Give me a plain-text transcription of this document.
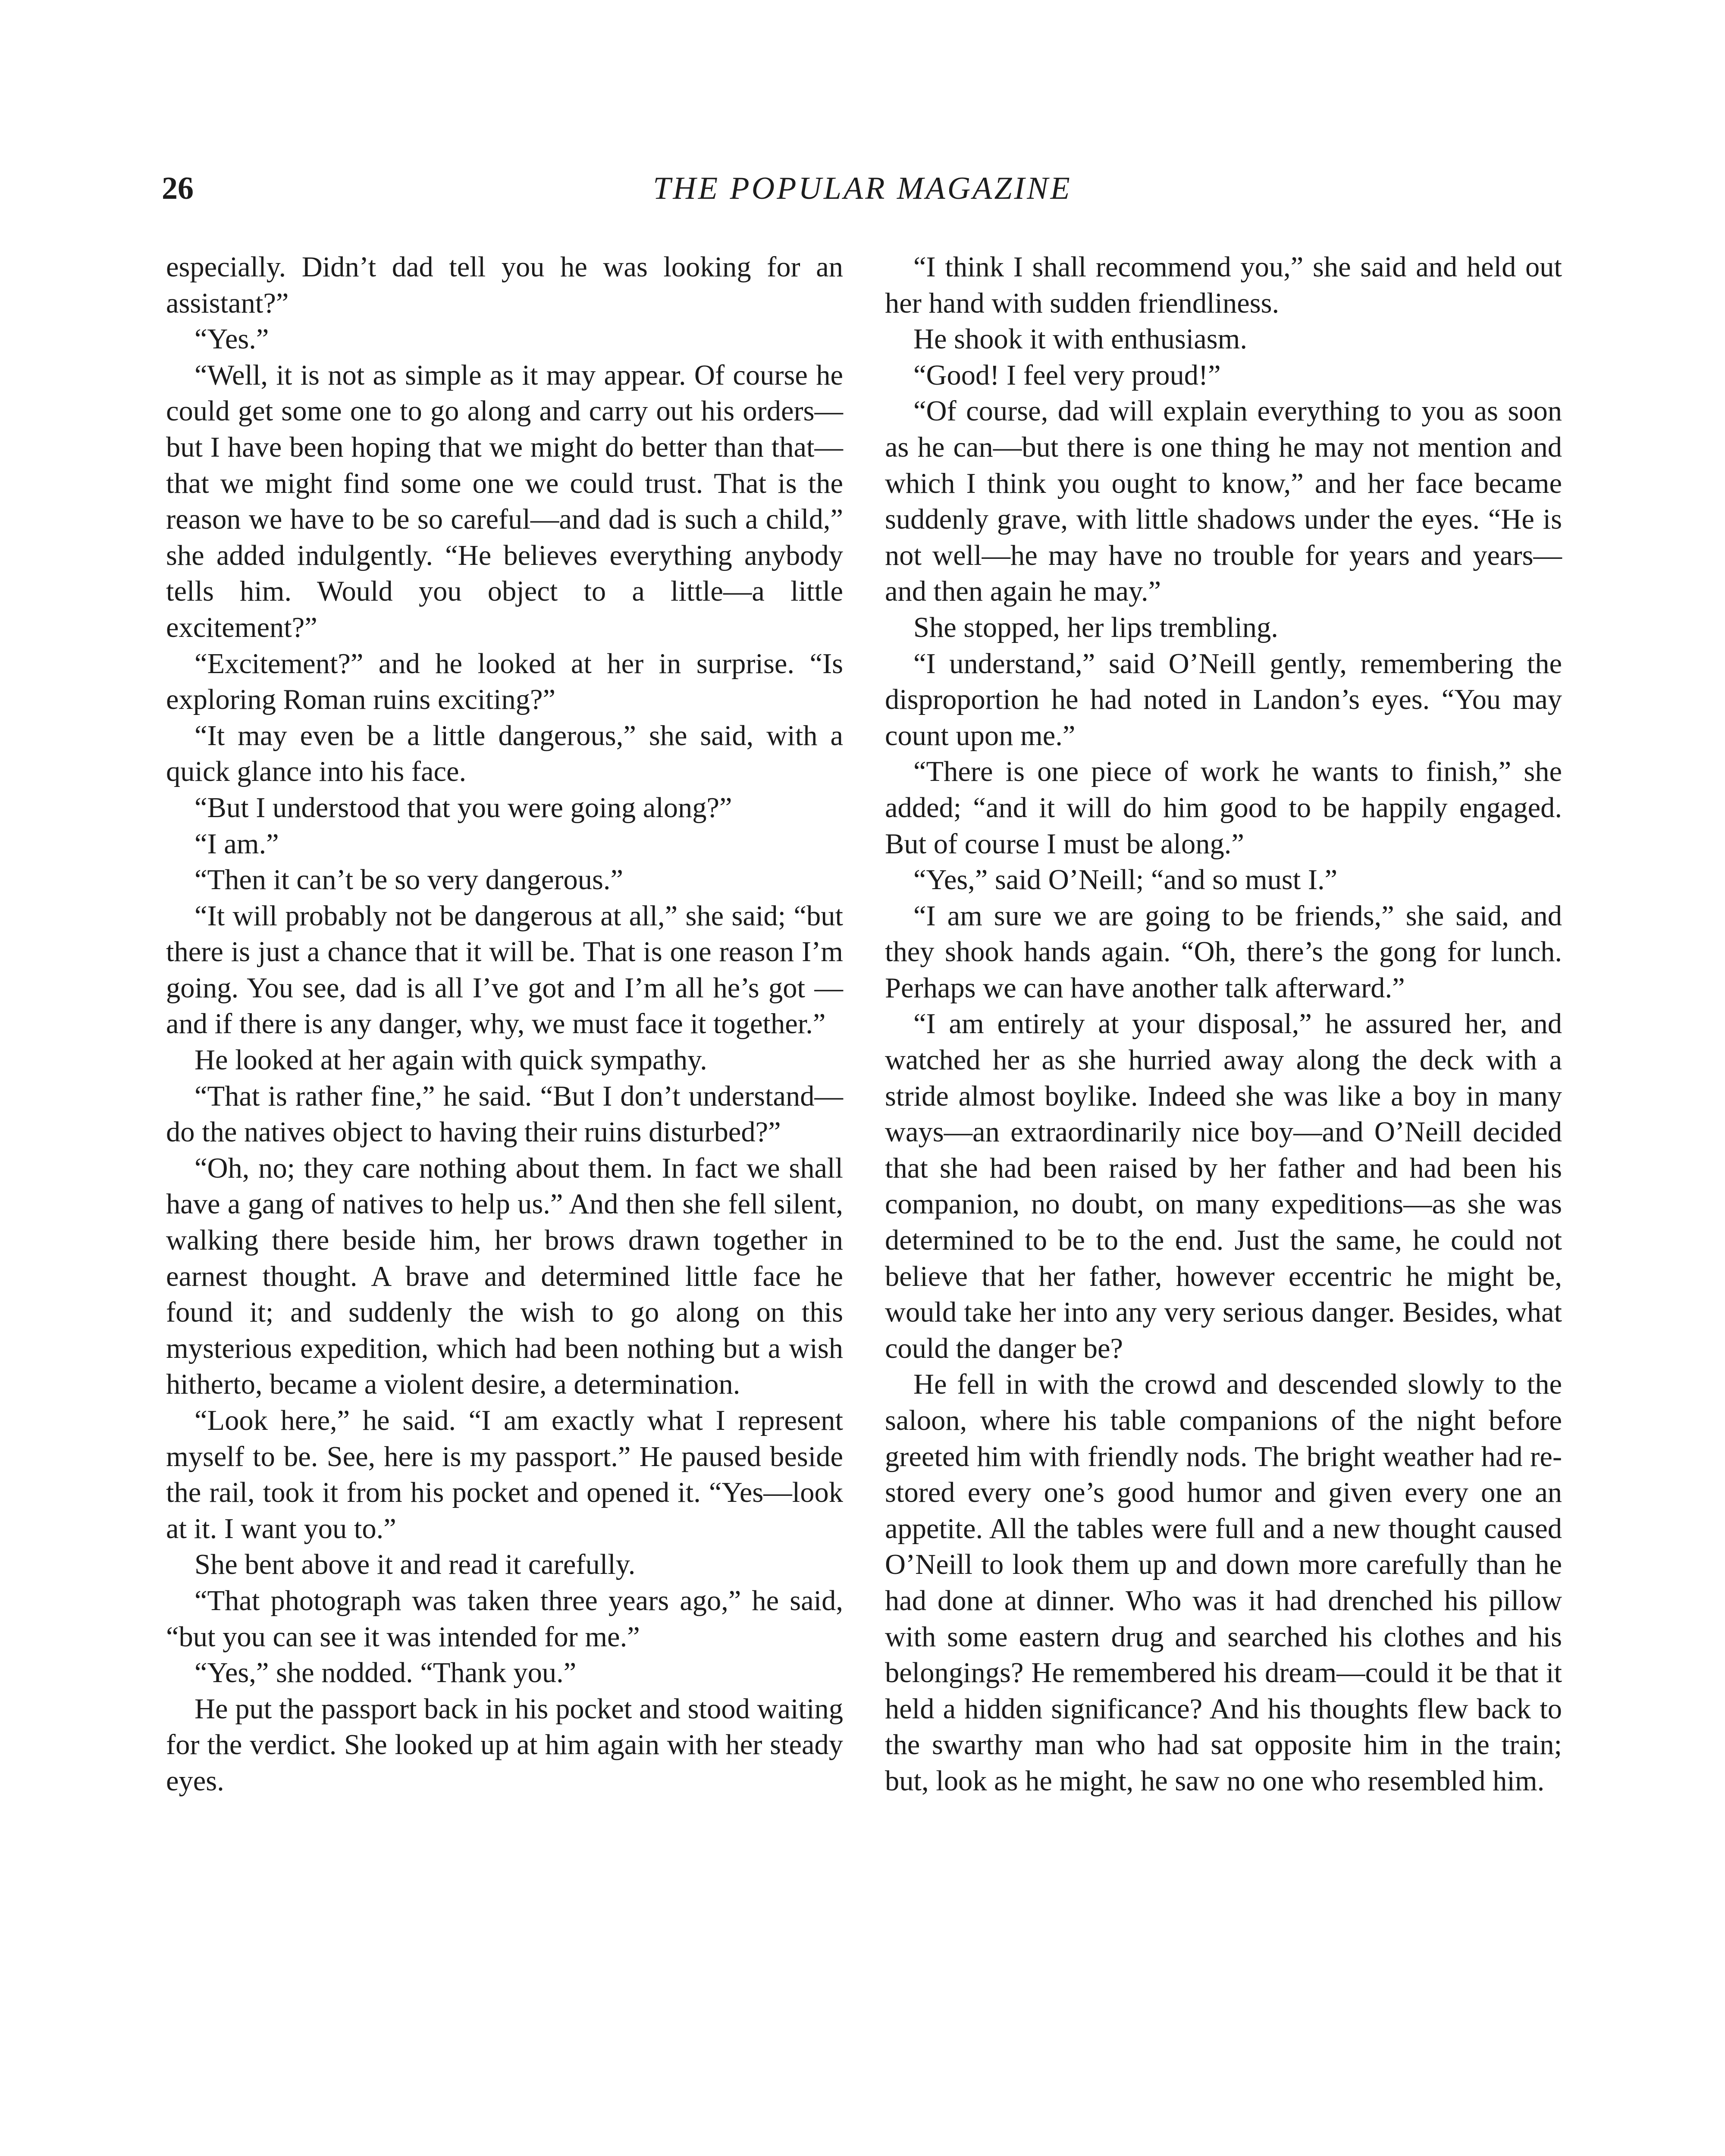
26	THE POPULAR MAGAZINE

especially. Didn’t dad tell you he was looking for an assistant?”

“Yes.”

“Well, it is not as simple as it may appear. Of course he could get some one to go along and carry out his orders—but I have been hoping that we might do better than that—that we might find some one we could trust. That is the reason we have to be so careful—and dad is such a child,” she added indulgently. “He believes everything anybody tells him. Would you object to a little—a little excitement?”

“Excitement?” and he looked at her in surprise. “Is exploring Roman ruins exciting?”

“It may even be a little dangerous,” she said, with a quick glance into his face.

“But I understood that you were going along?”

“I am.”

“Then it can’t be so very dangerous.”

“It will probably not be dangerous at all,” she said; “but there is just a chance that it will be. That is one reason I’m going. You see, dad is all I’ve got and I’m all he’s got —and if there is any danger, why, we must face it together.”

He looked at her again with quick sympathy.

“That is rather fine,” he said. “But I don’t understand—do the natives object to having their ruins disturbed?”

“Oh, no; they care nothing about them. In fact we shall have a gang of natives to help us.” And then she fell silent, walking there beside him, her brows drawn together in earnest thought. A brave and determined little face he found it; and suddenly the wish to go along on this mysterious expedition, which had been nothing but a wish hitherto, became a violent desire, a determination.

“Look here,” he said. “I am exactly what I represent myself to be. See, here is my passport.” He paused beside the rail, took it from his pocket and opened it. “Yes—look at it. I want you to.”

She bent above it and read it carefully.

“That photograph was taken three years ago,” he said, “but you can see it was intended for me.”

“Yes,” she nodded. “Thank you.”

He put the passport back in his pocket and stood waiting for the verdict. She looked up at him again with her steady eyes.

“I think I shall recommend you,” she said and held out her hand with sudden friendliness.

He shook it with enthusiasm.

“Good! I feel very proud!”

“Of course, dad will explain everything to you as soon as he can—but there is one thing he may not mention and which I think you ought to know,” and her face became suddenly grave, with little shadows under the eyes. “He is not well—he may have no trouble for years and years—and then again he may.”

She stopped, her lips trembling.

“I understand,” said O’Neill gently, remembering the disproportion he had noted in Landon’s eyes. “You may count upon me.”

“There is one piece of work he wants to finish,” she added; “and it will do him good to be happily engaged. But of course I must be along.”

“Yes,” said O’Neill; “and so must I.”

“I am sure we are going to be friends,” she said, and they shook hands again. “Oh, there’s the gong for lunch. Perhaps we can have another talk afterward.”

“I am entirely at your disposal,” he assured her, and watched her as she hurried away along the deck with a stride almost boylike. Indeed she was like a boy in many ways—an extraordinarily nice boy—and O’Neill decided that she had been raised by her father and had been his companion, no doubt, on many expeditions—as she was determined to be to the end. Just the same, he could not believe that her father, however eccentric he might be, would take her into any very serious danger. Besides, what could the danger be?

He fell in with the crowd and descended slowly to the saloon, where his table companions of the night before greeted him with friendly nods. The bright weather had restored every one’s good humor and given every one an appetite. All the tables were full and a new thought caused O’Neill to look them up and down more carefully than he had done at dinner. Who was it had drenched his pillow with some eastern drug and searched his clothes and his belongings? He remembered his dream—could it be that it held a hidden significance? And his thoughts flew back to the swarthy man who had sat opposite him in the train; but, look as he might, he saw no one who resembled him.
